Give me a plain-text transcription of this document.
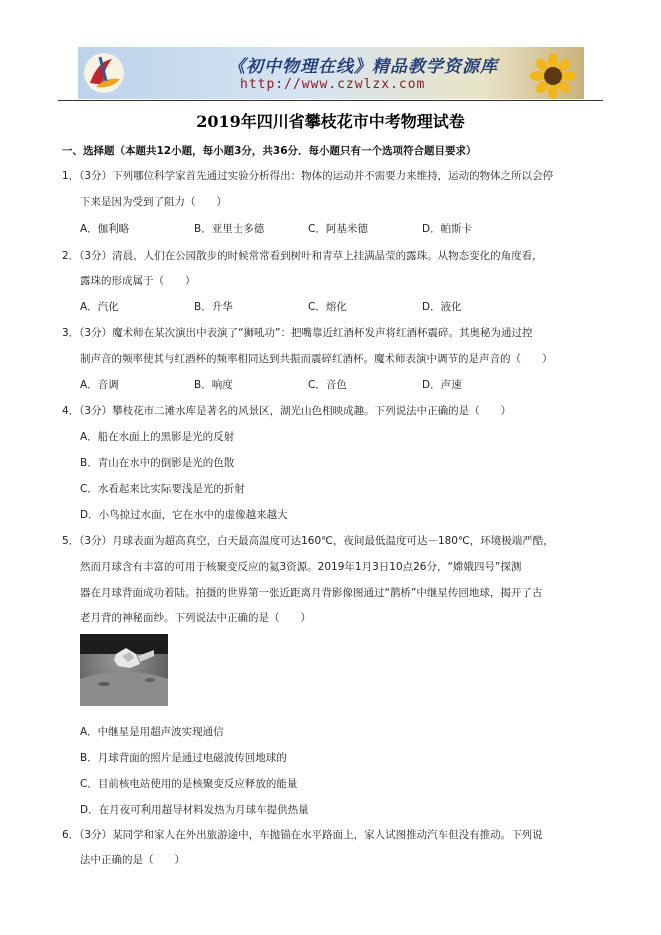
《初中物理在线》精品教学资源库
http://www.czwlzx.com
2019年四川省攀枝花市中考物理试卷
一、选择题（本题共12小题，每小题3分，共36分．每小题只有一个选项符合题目要求）
1．（3分）下列哪位科学家首先通过实验分析得出：物体的运动并不需要力来维持，运动的物体之所以会停
下来是因为受到了阻力（　　）
A．伽利略	B．亚里士多德	C．阿基米德	D．帕斯卡
2．（3分）清晨，人们在公园散步的时候常常看到树叶和青草上挂满晶莹的露珠。从物态变化的角度看，
露珠的形成属于（　　）
A．汽化	B．升华	C．熔化	D．液化
3．（3分）魔术师在某次演出中表演了“狮吼功”：把嘴靠近红酒杯发声将红酒杯震碎。其奥秘为通过控
制声音的频率使其与红酒杯的频率相同达到共振而震碎红酒杯。魔术师表演中调节的是声音的（　　）
A．音调	B．响度	C．音色	D．声速
4．（3分）攀枝花市二滩水库是著名的风景区，湖光山色相映成趣。下列说法中正确的是（　　）
A．船在水面上的黑影是光的反射
B．青山在水中的倒影是光的色散
C．水看起来比实际要浅是光的折射
D．小鸟掠过水面，它在水中的虚像越来越大
5．（3分）月球表面为超高真空，白天最高温度可达160℃，夜间最低温度可达－180℃，环境极端严酷，
然而月球含有丰富的可用于核聚变反应的氦3资源。2019年1月3日10点26分，“嫦娥四号”探测
器在月球背面成功着陆。拍摄的世界第一张近距离月背影像图通过“鹊桥”中继星传回地球，揭开了古
老月背的神秘面纱。下列说法中正确的是（　　）
A．中继星是用超声波实现通信
B．月球背面的照片是通过电磁波传回地球的
C．目前核电站使用的是核聚变反应释放的能量
D．在月夜可利用超导材料发热为月球车提供热量
6．（3分）某同学和家人在外出旅游途中，车抛锚在水平路面上，家人试图推动汽车但没有推动。下列说
法中正确的是（　　）
